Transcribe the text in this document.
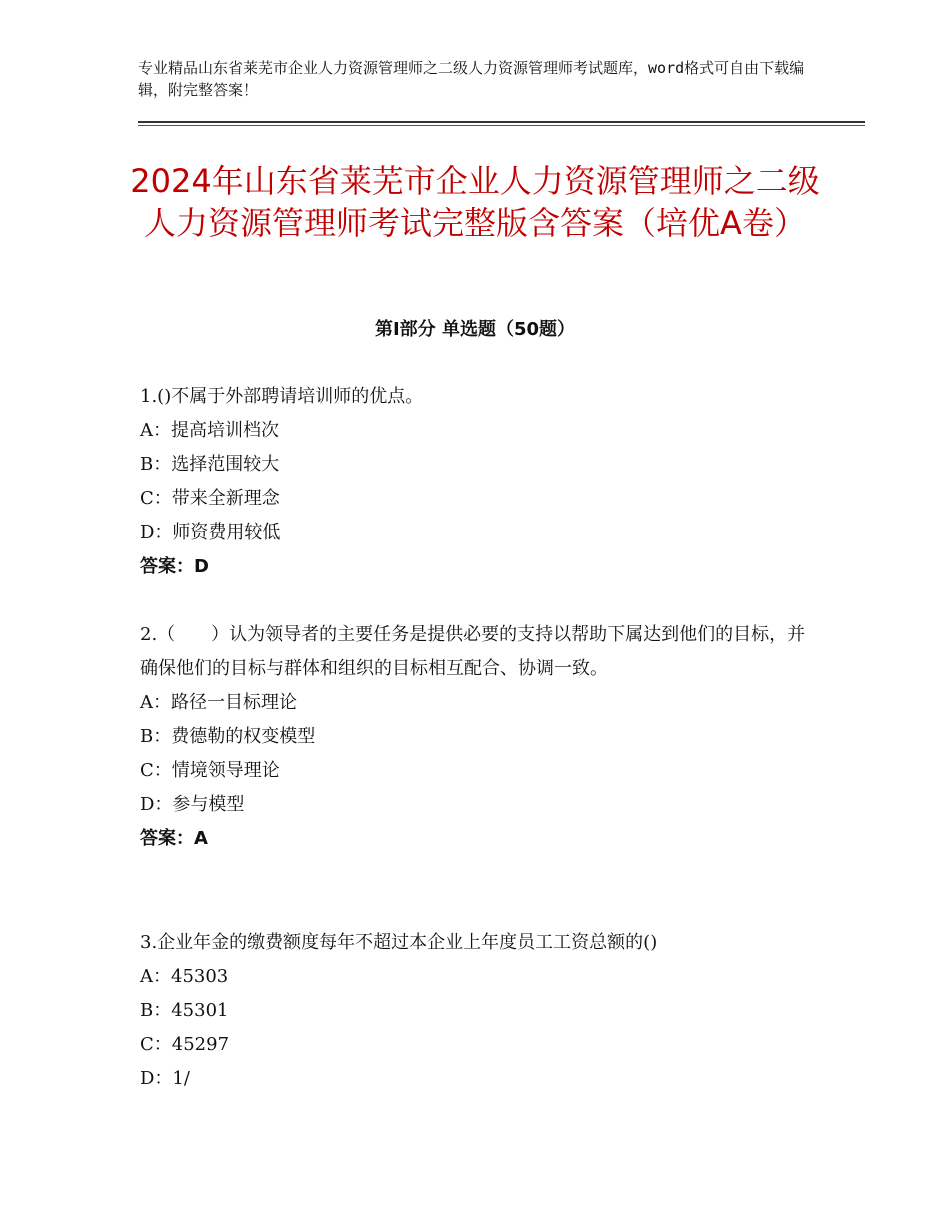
专业精品山东省莱芜市企业人力资源管理师之二级人力资源管理师考试题库，word格式可自由下载编辑，附完整答案！
2024年山东省莱芜市企业人力资源管理师之二级人力资源管理师考试完整版含答案（培优A卷）
第Ⅰ部分 单选题（50题）

1.()不属于外部聘请培训师的优点。

A：提高培训档次

B：选择范围较大

C：带来全新理念

D：师资费用较低

答案：D

2.（　　）认为领导者的主要任务是提供必要的支持以帮助下属达到他们的目标，并确保他们的目标与群体和组织的目标相互配合、协调一致。

A：路径一目标理论

B：费德勒的权变模型

C：情境领导理论

D：参与模型

答案：A

3.企业年金的缴费额度每年不超过本企业上年度员工工资总额的()

A：45303

B：45301

C：45297

D：1/
